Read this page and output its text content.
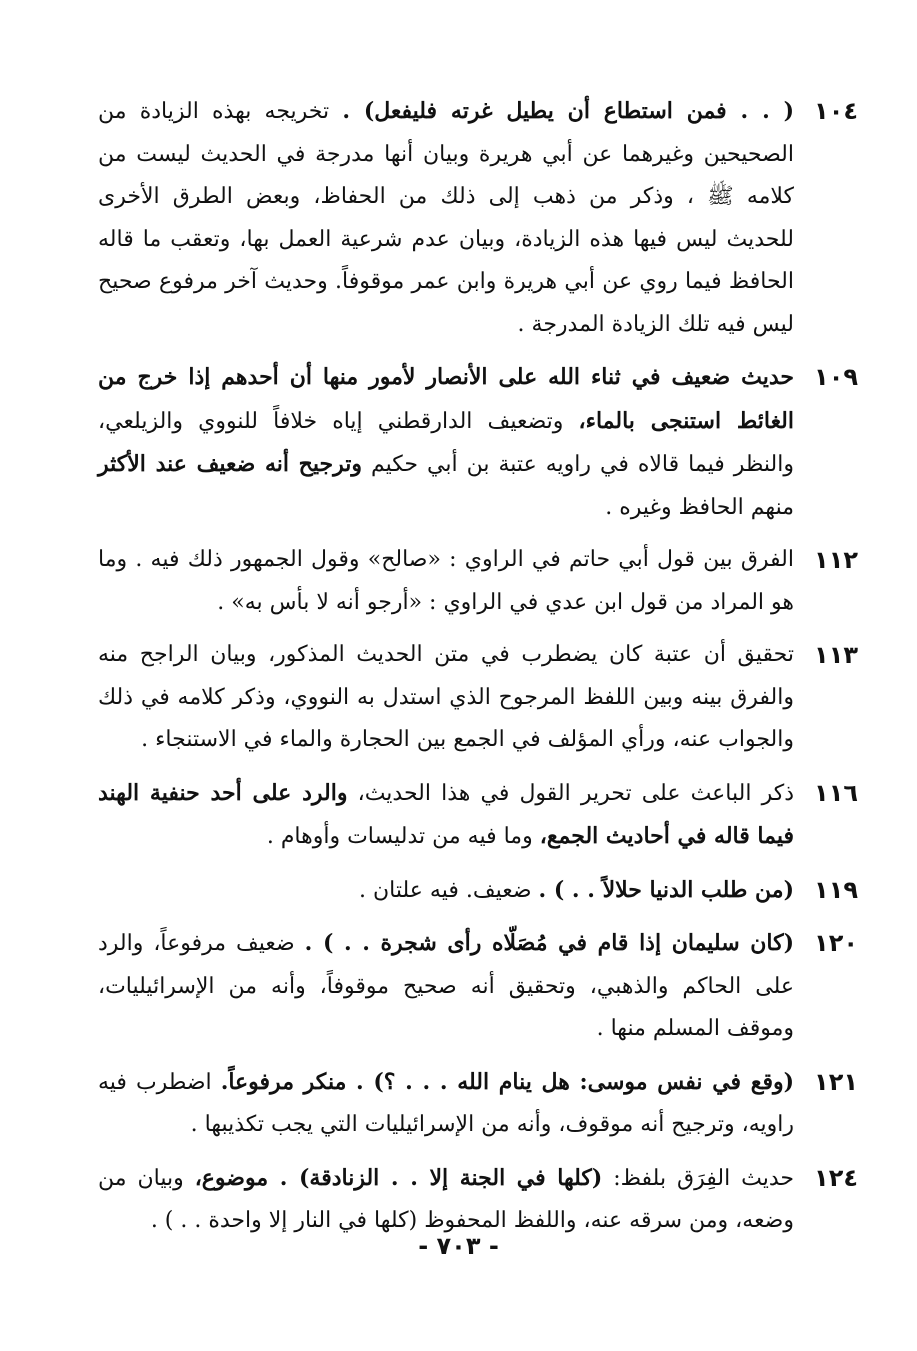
١٠٤
( . . فمن استطاع أن يطيل غرته فليفعل) . تخريجه بهذه الزيادة من الصحيحين وغيرهما عن أبي هريرة وبيان أنها مدرجة في الحديث ليست من كلامه ﷺ ، وذكر من ذهب إلى ذلك من الحفاظ، وبعض الطرق الأخرى للحديث ليس فيها هذه الزيادة، وبيان عدم شرعية العمل بها، وتعقب ما قاله الحافظ فيما روي عن أبي هريرة وابن عمر موقوفاً. وحديث آخر مرفوع صحيح ليس فيه تلك الزيادة المدرجة .
١٠٩
حديث ضعيف في ثناء الله على الأنصار لأمور منها أن أحدهم إذا خرج من الغائط استنجى بالماء، وتضعيف الدارقطني إياه خلافاً للنووي والزيلعي، والنظر فيما قالاه في راويه عتبة بن أبي حكيم وترجيح أنه ضعيف عند الأكثر منهم الحافظ وغيره .
١١٢
الفرق بين قول أبي حاتم في الراوي : «صالح» وقول الجمهور ذلك فيه . وما هو المراد من قول ابن عدي في الراوي : «أرجو أنه لا بأس به» .
١١٣
تحقيق أن عتبة كان يضطرب في متن الحديث المذكور، وبيان الراجح منه والفرق بينه وبين اللفظ المرجوح الذي استدل به النووي، وذكر كلامه في ذلك والجواب عنه، ورأي المؤلف في الجمع بين الحجارة والماء في الاستنجاء .
١١٦
ذكر الباعث على تحرير القول في هذا الحديث، والرد على أحد حنفية الهند فيما قاله في أحاديث الجمع، وما فيه من تدليسات وأوهام .
١١٩
(من طلب الدنيا حلالاً . . ) . ضعيف. فيه علتان .
١٢٠
(كان سليمان إذا قام في مُصَلّاه رأى شجرة . . ) . ضعيف مرفوعاً، والرد على الحاكم والذهبي، وتحقيق أنه صحيح موقوفاً، وأنه من الإسرائيليات، وموقف المسلم منها .
١٢١
(وقع في نفس موسى: هل ينام الله . . . ؟) . منكر مرفوعاً. اضطرب فيه راويه، وترجيح أنه موقوف، وأنه من الإسرائيليات التي يجب تكذيبها .
١٢٤
حديث الفِرَق بلفظ: (كلها في الجنة إلا . . الزنادقة) . موضوع، وبيان من وضعه، ومن سرقه عنه، واللفظ المحفوظ (كلها في النار إلا واحدة . . ) .
- ٧٠٣ -
